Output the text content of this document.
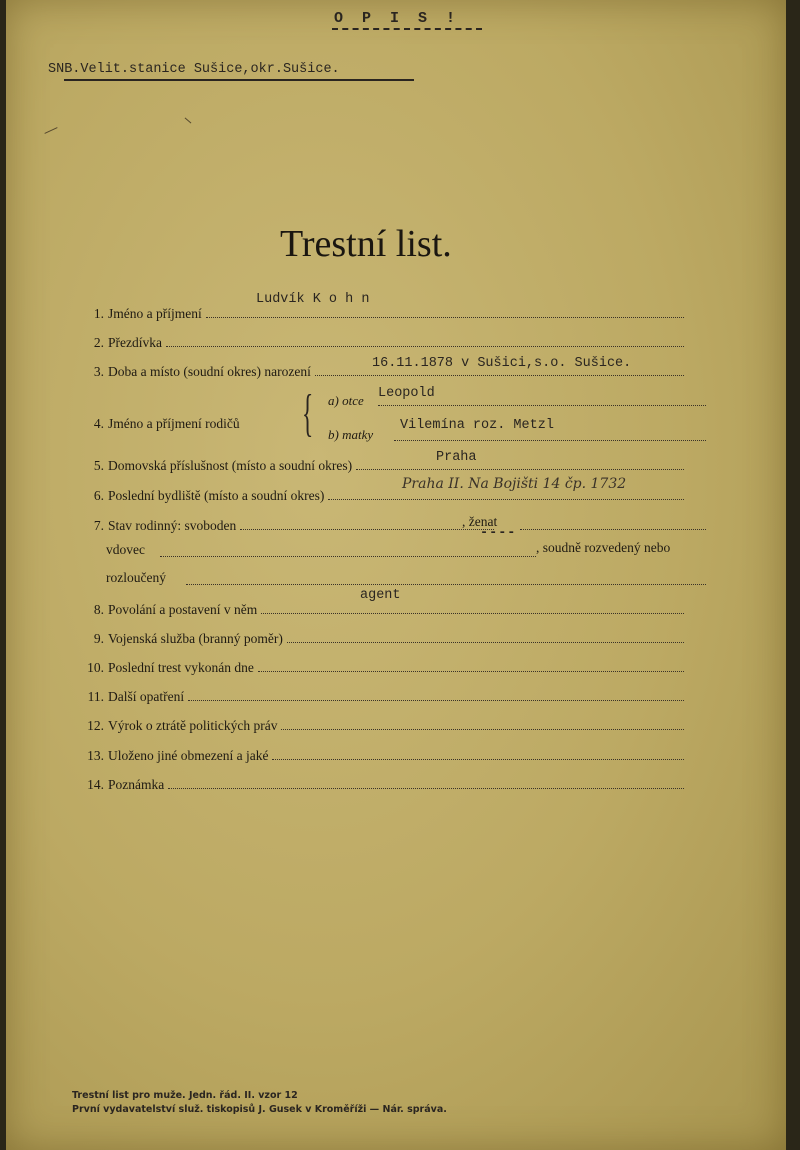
O P I S !
SNB.Velit.stanice Sušice,okr.Sušice.
Trestní list.
1. Jméno a příjmení
Ludvík K o h n
2. Přezdívka
3. Doba a místo (soudní okres) narození
16.11.1878 v Sušici,s.o. Sušice.
4. Jméno a příjmení rodičů { a) otce Leopold
b) matky
Vilemína roz. Metzl
5. Domovská příslušnost (místo a soudní okres)
Praha
6. Poslední bydliště (místo a soudní okres)
Praha II. Na Bojišti 14 čp. 1732
7. Stav rodinný: svoboden	, ženat
----
vdovec	, soudně rozvedený nebo
rozloučený
8. Povolání a postavení v něm
agent
9. Vojenská služba (branný poměr)
10. Poslední trest vykonán dne
11. Další opatření
12. Výrok o ztrátě politických práv
13. Uloženo jiné obmezení a jaké
14. Poznámka
Trestní list pro muže. Jedn. řád. II. vzor 12
První vydavatelství služ. tiskopisů J. Gusek v Kroměříži — Nár. správa.
